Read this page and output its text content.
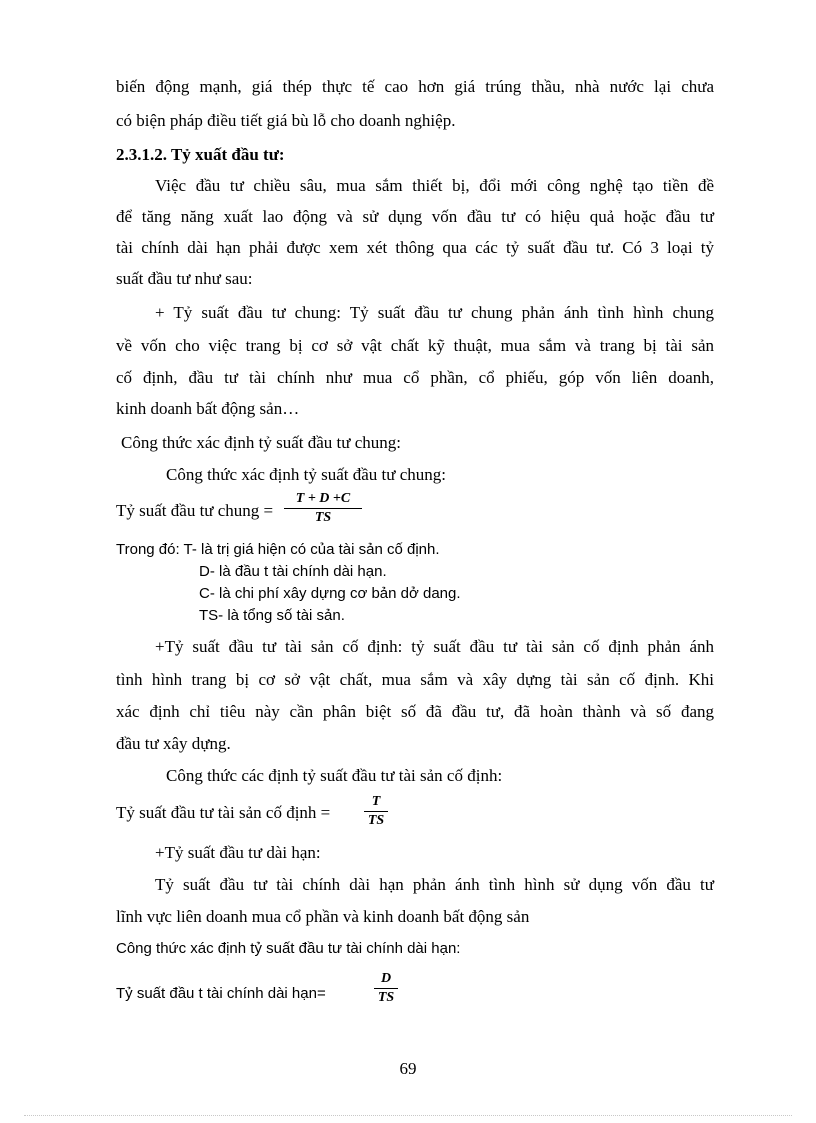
biến động mạnh, giá thép thực tế cao hơn giá trúng thầu, nhà nước lại chưa
có biện pháp điều tiết giá bù lỗ cho doanh nghiệp.
2.3.1.2. Tỷ xuất đầu tư:
Việc đầu tư chiều sâu, mua sắm thiết bị, đổi mới công nghệ tạo tiền đề
để tăng năng xuất lao động và sử dụng vốn đầu tư có hiệu quả hoặc đầu tư
tài chính dài hạn phải được xem xét thông qua các tỷ suất đầu tư. Có 3 loại tỷ
suất đầu tư như sau:
+ Tỷ suất đầu tư chung: Tỷ suất đầu tư chung phản ánh tình hình chung
về vốn cho việc trang bị cơ sở vật chất kỹ thuật, mua sắm và trang bị tài sản
cố định, đầu tư tài chính như mua cổ phần, cổ phiếu, góp vốn liên doanh,
kinh doanh bất động sản…
Công thức xác định tỷ suất đầu tư chung:
Công thức xác định tỷ suất đầu tư chung:
Tỷ suất đầu tư chung =
T + D +C
TS
Trong đó: T- là trị giá hiện có của tài sản cố định.
D- là đầu t tài chính dài hạn.
C- là chi phí xây dựng cơ bản dở dang.
TS- là tổng số tài sản.
+Tỷ suất đầu tư tài sản cố định: tỷ suất đầu tư tài sản cố định phản ánh
tình hình trang bị cơ sở vật chất, mua sắm và xây dựng tài sản cố định. Khi
xác định chỉ tiêu này cần phân biệt số đã đầu tư, đã hoàn thành và số đang
đầu tư xây dựng.
Công thức các định tỷ suất đầu tư tài sản cố định:
Tỷ suất đầu tư tài sản cố định =
T
TS
+Tỷ suất đầu tư dài hạn:
Tỷ suất đầu tư tài chính dài hạn phản ánh tình hình sử dụng vốn đầu tư
lĩnh vực liên doanh mua cổ phần và kinh doanh bất động sản
Công thức xác định tỷ suất đầu tư tài chính dài hạn:
Tỷ suất đầu t tài chính dài hạn=
D
TS
69
